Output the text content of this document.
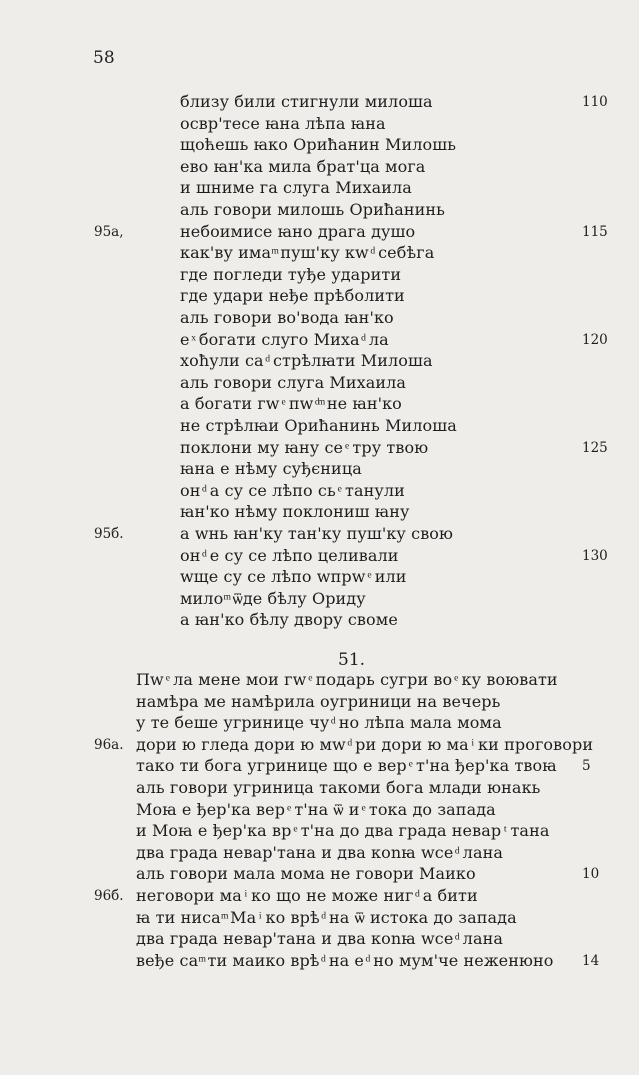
58
близу били стигнули милоша
освр'тесе ꙗна лѣпа ꙗна
щоћешь ꙗко Ориħанин Милошь
ево ꙗн'ка мила брат'ца мога
и шниме га слуга Михаила
аль говори милошь Ориħанинь
небоимисе ꙗно драга душо
как'ву има ͫ пуш'ку кw ͩ себѣга
где погледи туђе ударити
где удари неђе прѣболити
аль говори во'вода ꙗн'ко
е ͯ богати слуго Миха ͩ ла
хоħули са ͩ стрѣлꙗти Милоша
аль говори слуга Михаила
а богати гw ͤ пw ͩ ͫ не ꙗн'ко
не стрѣлꙗи Ориħанинь Милоша
поклони му ꙗну се ͤ тру твою
ꙗна е нѣму суђєница
он ͩ а су се лѣпо сь ͤ танули
ꙗн'ко нѣму поклониш ꙗну
а wнь ꙗн'ку тан'ку пуш'ку свою
он ͩ е су се лѣпо целивали
wще су се лѣпо wпрw ͤ или
мило ͫ ѿде бѣлу Ориду
а ꙗн'ко бѣлу двору своме
95а,
95б.
110
115
120
125
130
51.
Пw ͤ ла мене мои гw ͤ подарь сугри во ͤ ку воювати
намѣра ме намѣрила оугриници на вечерь
у те беше угринице чу ͩ но лѣпа мала мома
дори ю гледа дори ю мw ͩ ри дори ю ма ͥ ки проговори
тако ти бога угринице що е вер ͤ т'на ђер'ка твоꙗ
аль говори угриница такоми бога млади юнакь
Моꙗ е ђер'ка вер ͤ т'на ѿ и ͤ тока до запада
и Моꙗ е ђер'ка вр ͤ т'на до два града невар ͭ тана
два града невар'тана и два коnꙗ wсе ͩ лана
аль говори мала мома не говори Маико
неговори ма ͥ ко що не може ниг ͩ а бити
ꙗ ти ниса ͫ Ма ͥ ко врѣ ͩ на ѿ истока до запада
два града невар'тана и два коnꙗ wсе ͩ лана
веђе са ͫ ти маико врѣ ͩ на е ͩ но мум'че неженюно
96а.
96б.
5
10
14
